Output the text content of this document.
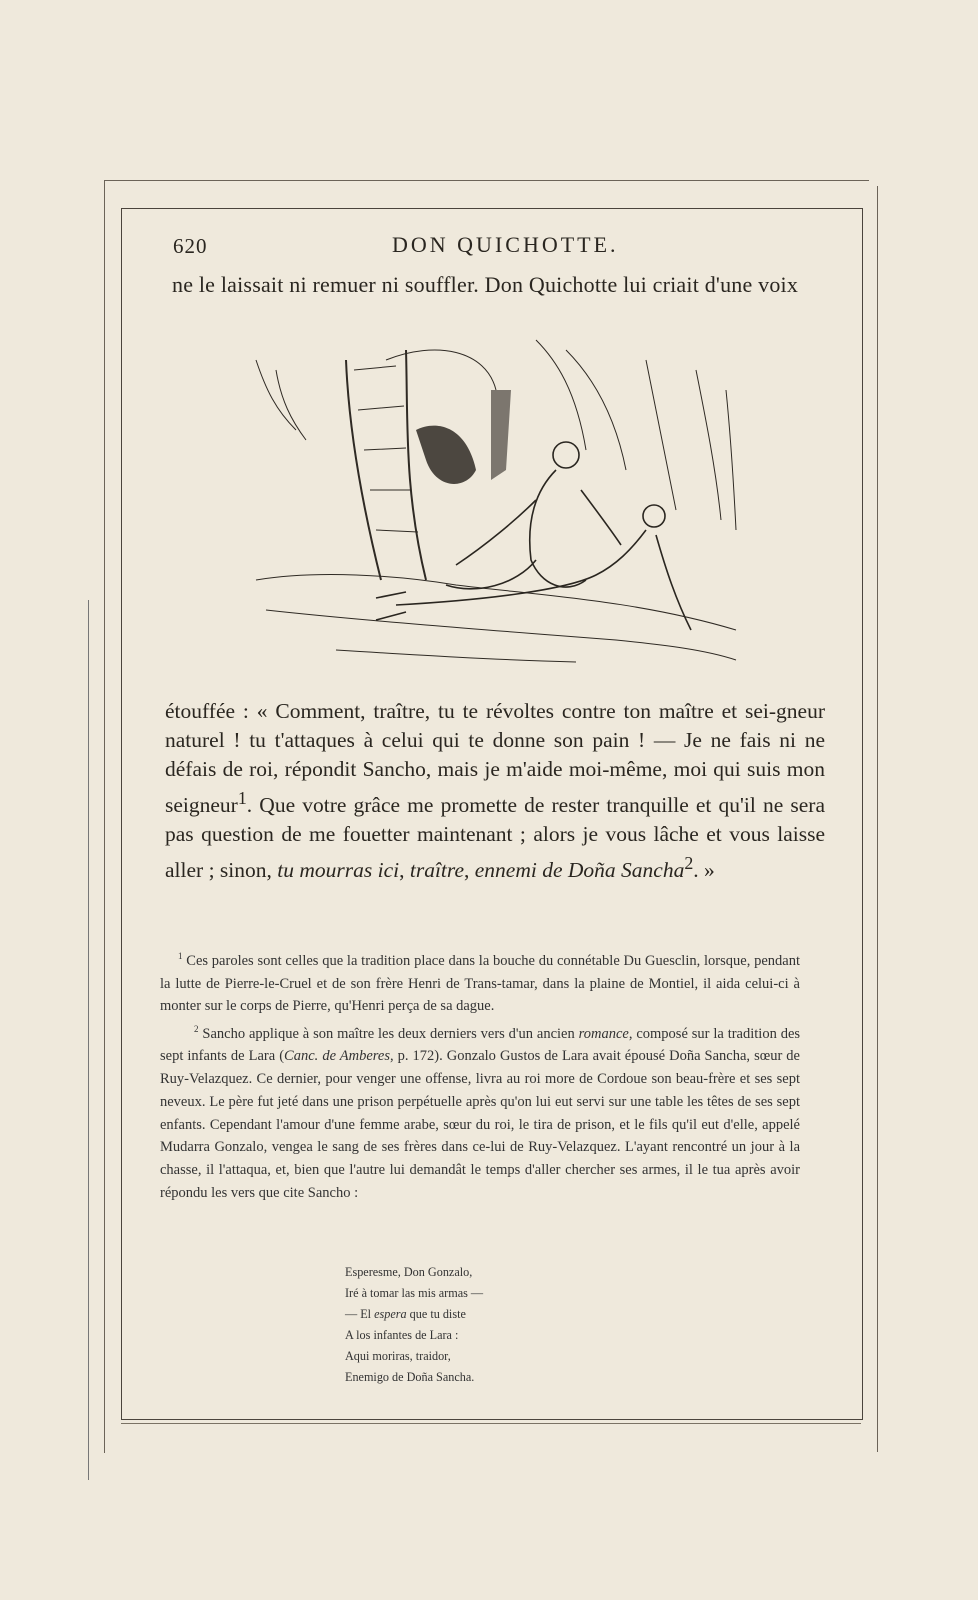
620	DON QUICHOTTE.
ne le laissait ni remuer ni souffler. Don Quichotte lui criait d'une voix

étouffée : « Comment, traître, tu te révoltes contre ton maître et sei-gneur naturel ! tu t'attaques à celui qui te donne son pain ! — Je ne fais ni ne défais de roi, répondit Sancho, mais je m'aide moi-même, moi qui suis mon seigneur$^1$. Que votre grâce me promette de rester tranquille et qu'il ne sera pas question de me fouetter maintenant ; alors je vous lâche et vous laisse aller ; sinon, tu mourras ici, traître, ennemi de Doña Sancha$^2$. »

$^1$ Ces paroles sont celles que la tradition place dans la bouche du connétable Du Guesclin, lorsque, pendant la lutte de Pierre-le-Cruel et de son frère Henri de Trans-tamar, dans la plaine de Montiel, il aida celui-ci à monter sur le corps de Pierre, qu'Henri perça de sa dague.

$^2$ Sancho applique à son maître les deux derniers vers d'un ancien romance, composé sur la tradition des sept infants de Lara (Canc. de Amberes, p. 172). Gonzalo Gustos de Lara avait épousé Doña Sancha, sœur de Ruy-Velazquez. Ce dernier, pour venger une offense, livra au roi more de Cordoue son beau-frère et ses sept neveux. Le père fut jeté dans une prison perpétuelle après qu'on lui eut servi sur une table les têtes de ses sept enfants. Cependant l'amour d'une femme arabe, sœur du roi, le tira de prison, et le fils qu'il eut d'elle, appelé Mudarra Gonzalo, vengea le sang de ses frères dans ce-lui de Ruy-Velazquez. L'ayant rencontré un jour à la chasse, il l'attaqua, et, bien que l'autre lui demandât le temps d'aller chercher ses armes, il le tua après avoir répondu les vers que cite Sancho :

Esperesme, Don Gonzalo,
Iré à tomar las mis armas —
— El espera que tu diste
A los infantes de Lara :
Aqui moriras, traidor,
Enemigo de Doña Sancha.
